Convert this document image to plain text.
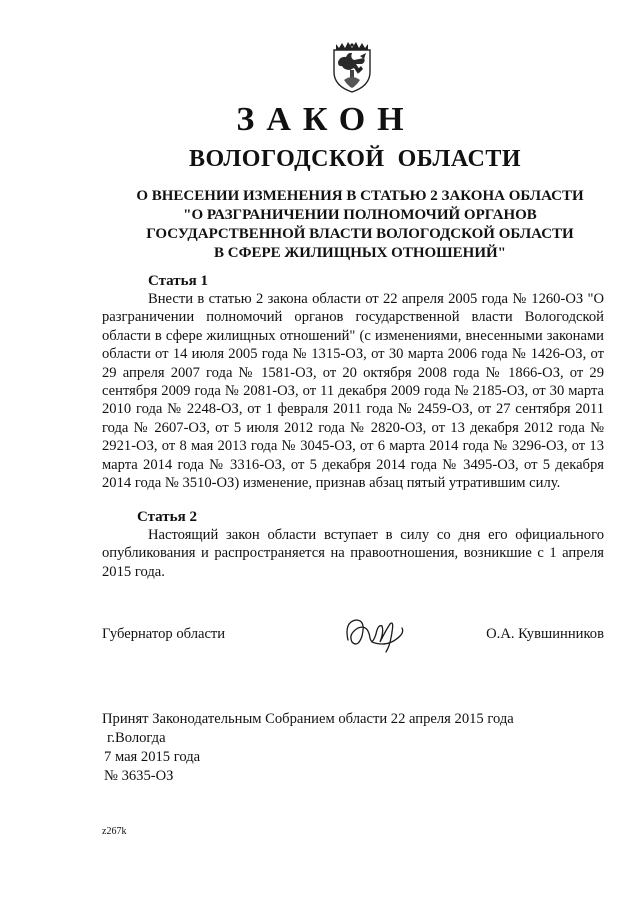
ЗАКОН
ВОЛОГОДСКОЙ  ОБЛАСТИ
О ВНЕСЕНИИ ИЗМЕНЕНИЯ В СТАТЬЮ 2 ЗАКОНА ОБЛАСТИ
"О РАЗГРАНИЧЕНИИ ПОЛНОМОЧИЙ ОРГАНОВ
ГОСУДАРСТВЕННОЙ ВЛАСТИ ВОЛОГОДСКОЙ ОБЛАСТИ
В СФЕРЕ ЖИЛИЩНЫХ ОТНОШЕНИЙ"
Статья 1

Внести в статью 2 закона области от 22 апреля 2005 года № 1260-ОЗ "О разграничении полномочий органов государственной власти Вологодской области в сфере жилищных отношений" (с изменениями, внесенными законами области от 14 июля 2005 года № 1315-ОЗ, от 30 марта 2006 года № 1426-ОЗ, от 29 апреля 2007 года № 1581-ОЗ, от 20 октября 2008 года № 1866-ОЗ, от 29 сентября 2009 года № 2081-ОЗ, от 11 декабря 2009 года № 2185-ОЗ, от 30 марта 2010 года № 2248-ОЗ, от 1 февраля 2011 года № 2459-ОЗ, от 27 сентября 2011 года № 2607-ОЗ, от 5 июля 2012 года № 2820-ОЗ, от 13 декабря 2012 года № 2921-ОЗ, от 8 мая 2013 года № 3045-ОЗ, от 6 марта 2014 года № 3296-ОЗ, от 13 марта 2014 года № 3316-ОЗ, от 5 декабря 2014 года № 3495-ОЗ, от 5 декабря 2014 года № 3510-ОЗ) изменение, признав абзац пятый утратившим силу.

Статья 2

Настоящий закон области вступает в силу со дня его официального опубликования и распространяется на правоотношения, возникшие с 1 апреля 2015 года.

Губернатор области	О.А. Кувшинников
Принят Законодательным Собранием области 22 апреля 2015 года
г.Вологда
7 мая 2015 года
№ 3635-ОЗ
z267k
